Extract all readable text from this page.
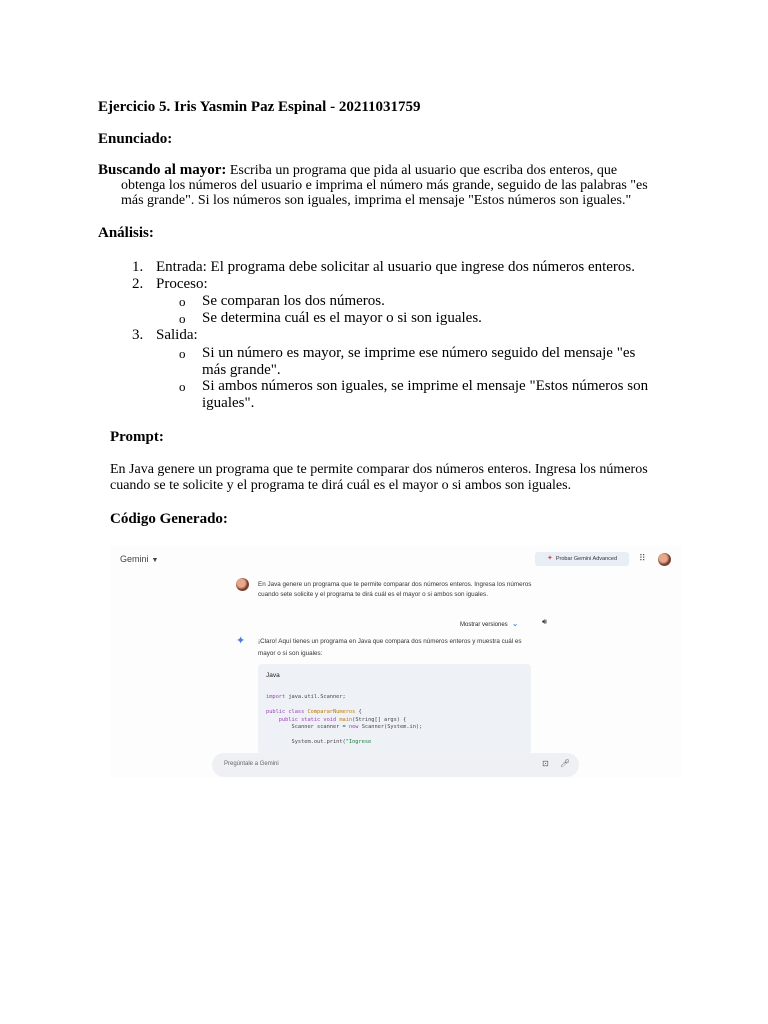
Ejercicio 5. Iris Yasmin Paz Espinal - 20211031759
Enunciado:
Buscando al mayor: Escriba un programa que pida al usuario que escriba dos enteros, que
obtenga los números del usuario e imprima el número más grande, seguido de las palabras "es
más grande". Si los números son iguales, imprima el mensaje "Estos números son iguales."
Análisis:
1. Entrada: El programa debe solicitar al usuario que ingrese dos números enteros.
2. Proceso:
o Se comparan los dos números.
o Se determina cuál es el mayor o si son iguales.
3. Salida:
o Si un número es mayor, se imprime ese número seguido del mensaje "es más grande".
o Si ambos números son iguales, se imprime el mensaje "Estos números son iguales".
Prompt:
En Java genere un programa que te permite comparar dos números enteros. Ingresa los números cuando se te solicite y el programa te dirá cuál es el mayor o si ambos son iguales.
Código Generado:
Gemini ▼	✦ Probar Gemini Advanced	⠿
En Java genere un programa que te permite comparar dos números enteros. Ingresa los números cuando sete solicite y el programa te dirá cuál es el mayor o si ambos son iguales.
Mostrar versiones ⌄	🔊︎
✦ ¡Claro! Aquí tienes un programa en Java que compara dos números enteros y muestra cuál es mayor o si son iguales:
Java
import java.util.Scanner;

public class CompararNumeros {
public static void main(String[] args) {
Scanner scanner = new Scanner(System.in);

System.out.print("Ingrese
Pregúntale a Gemini	⊡ 🎤︎
